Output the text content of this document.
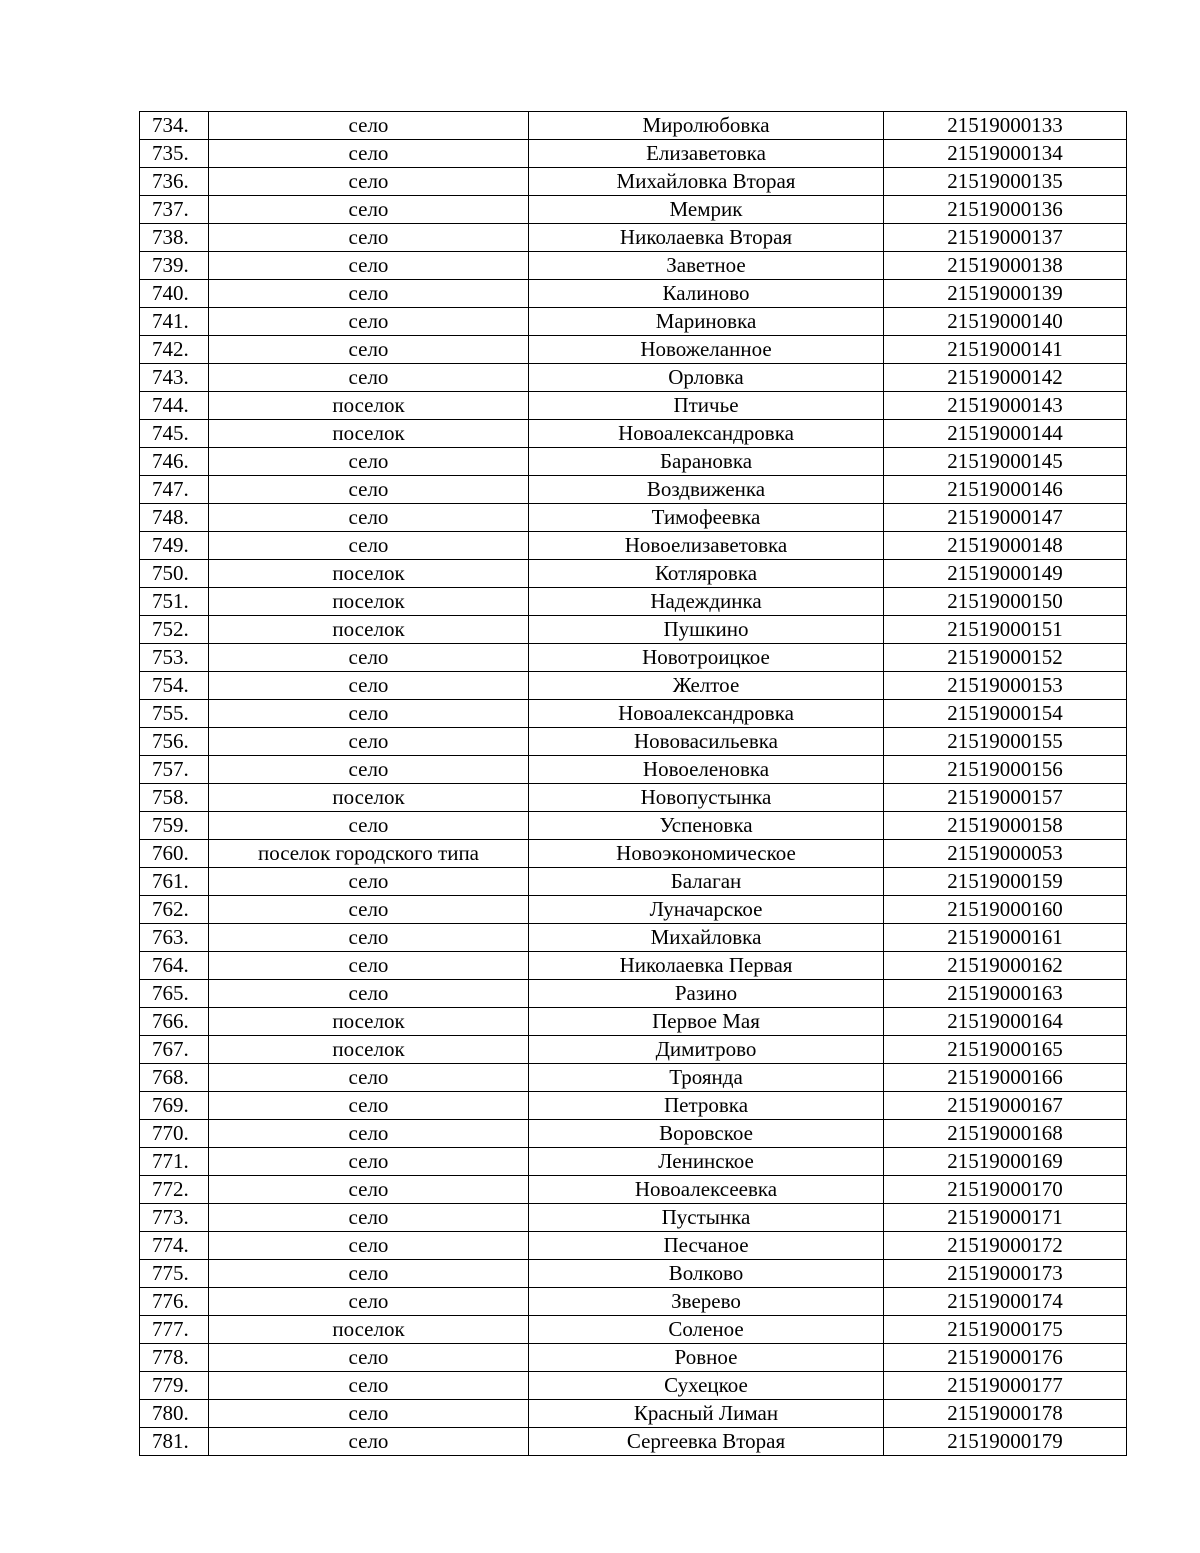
734.	село	Миролюбовка	21519000133
735.	село	Елизаветовка	21519000134
736.	село	Михайловка Вторая	21519000135
737.	село	Мемрик	21519000136
738.	село	Николаевка Вторая	21519000137
739.	село	Заветное	21519000138
740.	село	Калиново	21519000139
741.	село	Мариновка	21519000140
742.	село	Новожеланное	21519000141
743.	село	Орловка	21519000142
744.	поселок	Птичье	21519000143
745.	поселок	Новоалександровка	21519000144
746.	село	Барановка	21519000145
747.	село	Воздвиженка	21519000146
748.	село	Тимофеевка	21519000147
749.	село	Новоелизаветовка	21519000148
750.	поселок	Котляровка	21519000149
751.	поселок	Надеждинка	21519000150
752.	поселок	Пушкино	21519000151
753.	село	Новотроицкое	21519000152
754.	село	Желтое	21519000153
755.	село	Новоалександровка	21519000154
756.	село	Нововасильевка	21519000155
757.	село	Новоеленовка	21519000156
758.	поселок	Новопустынка	21519000157
759.	село	Успеновка	21519000158
760.	поселок городского типа	Новоэкономическое	21519000053
761.	село	Балаган	21519000159
762.	село	Луначарское	21519000160
763.	село	Михайловка	21519000161
764.	село	Николаевка Первая	21519000162
765.	село	Разино	21519000163
766.	поселок	Первое Мая	21519000164
767.	поселок	Димитрово	21519000165
768.	село	Троянда	21519000166
769.	село	Петровка	21519000167
770.	село	Воровское	21519000168
771.	село	Ленинское	21519000169
772.	село	Новоалексеевка	21519000170
773.	село	Пустынка	21519000171
774.	село	Песчаное	21519000172
775.	село	Волково	21519000173
776.	село	Зверево	21519000174
777.	поселок	Соленое	21519000175
778.	село	Ровное	21519000176
779.	село	Сухецкое	21519000177
780.	село	Красный Лиман	21519000178
781.	село	Сергеевка Вторая	21519000179
